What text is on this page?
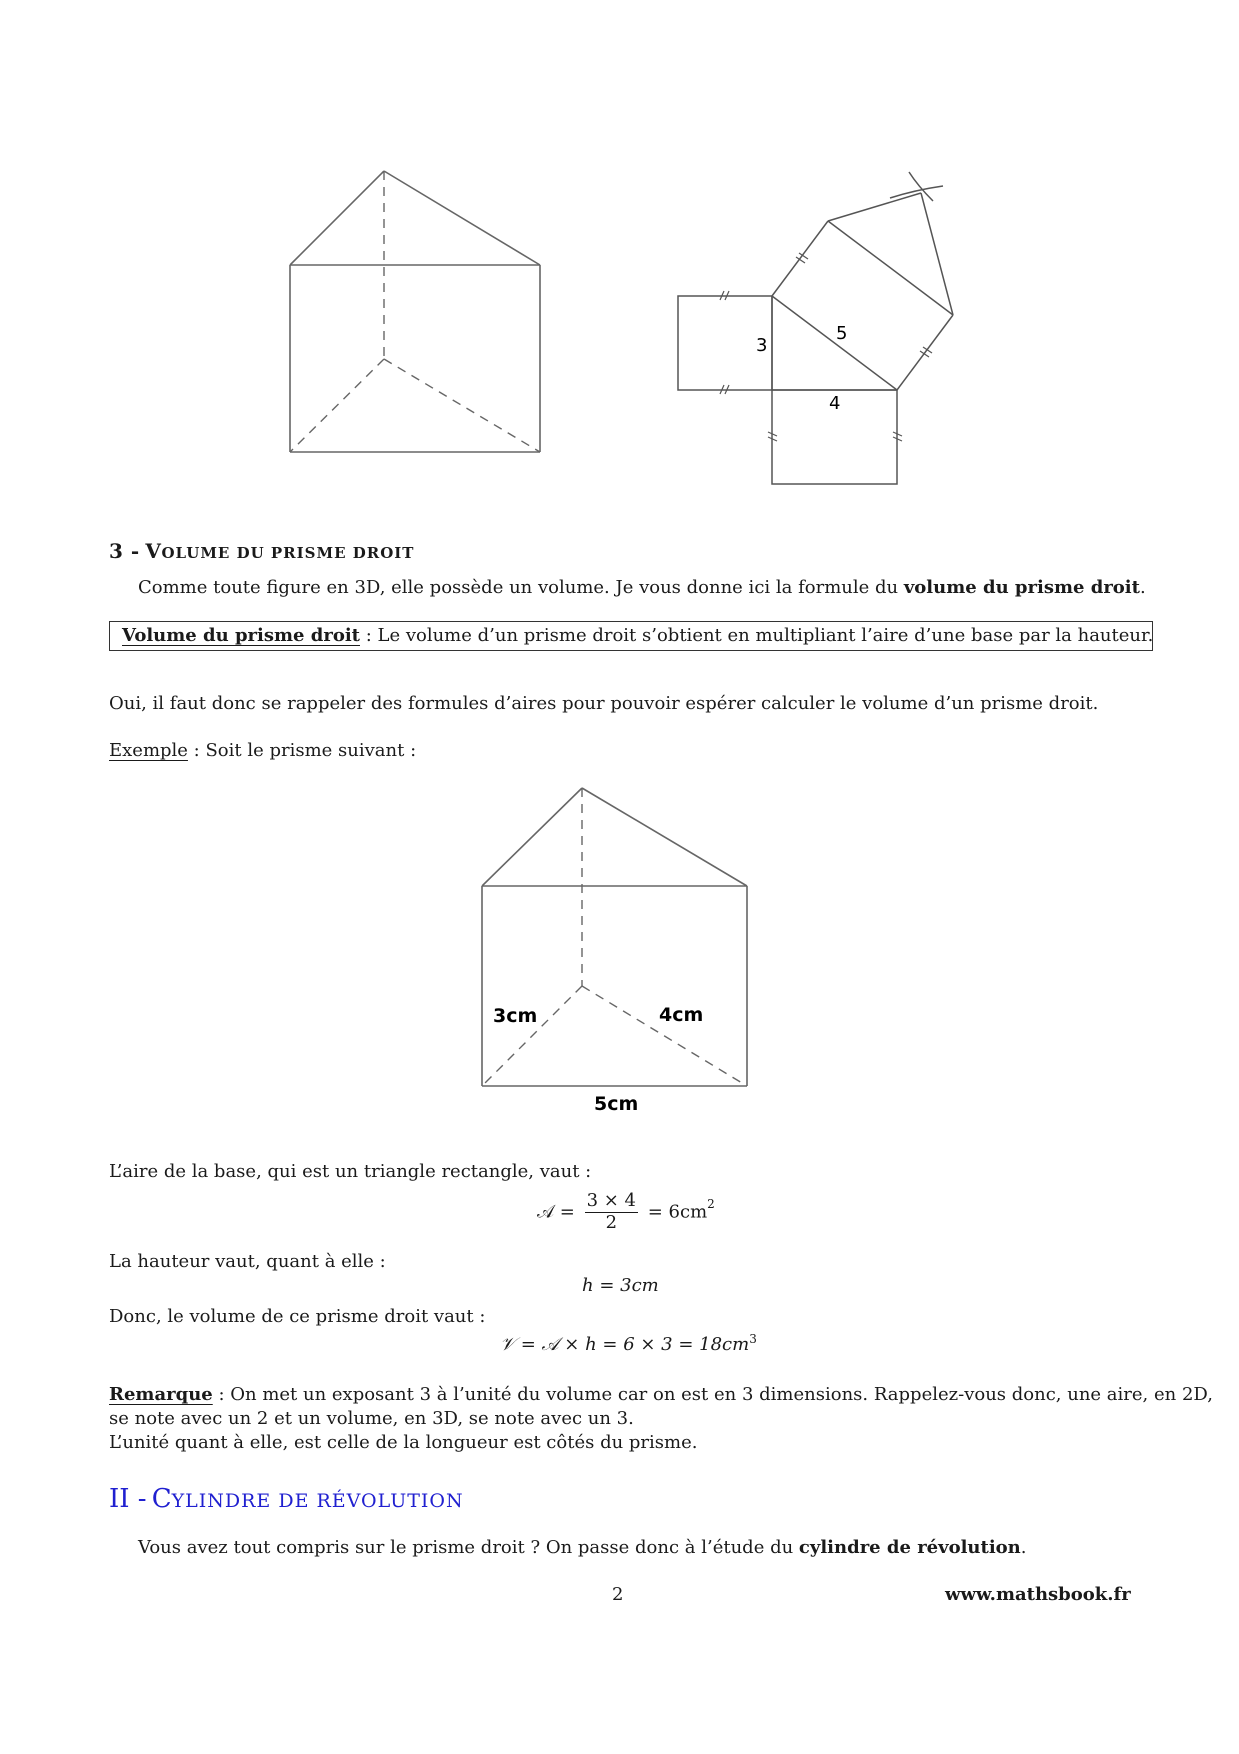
3
4
5
3 - VOLUME DU PRISME DROIT
Comme toute figure en 3D, elle possède un volume. Je vous donne ici la formule du volume du prisme droit.
Volume du prisme droit : Le volume d’un prisme droit s’obtient en multipliant l’aire d’une base par la hauteur.
Oui, il faut donc se rappeler des formules d’aires pour pouvoir espérer calculer le volume d’un prisme droit.
Exemple : Soit le prisme suivant :
3cm	4cm
5cm
L’aire de la base, qui est un triangle rectangle, vaut :
𝒜 = $\frac{3 \times 4}{2} = 6cm^2$
La hauteur vaut, quant à elle :
h = 3cm
Donc, le volume de ce prisme droit vaut :
𝒱 = 𝒜 × $h = 6 \times 3 = 18cm^3$
Remarque : On met un exposant 3 à l’unité du volume car on est en 3 dimensions. Rappelez-vous donc, une aire, en 2D,
se note avec un 2 et un volume, en 3D, se note avec un 3.
L’unité quant à elle, est celle de la longueur est côtés du prisme.
II - CYLINDRE DE RÉVOLUTION
Vous avez tout compris sur le prisme droit ? On passe donc à l’étude du cylindre de révolution.
2	www.mathsbook.fr
